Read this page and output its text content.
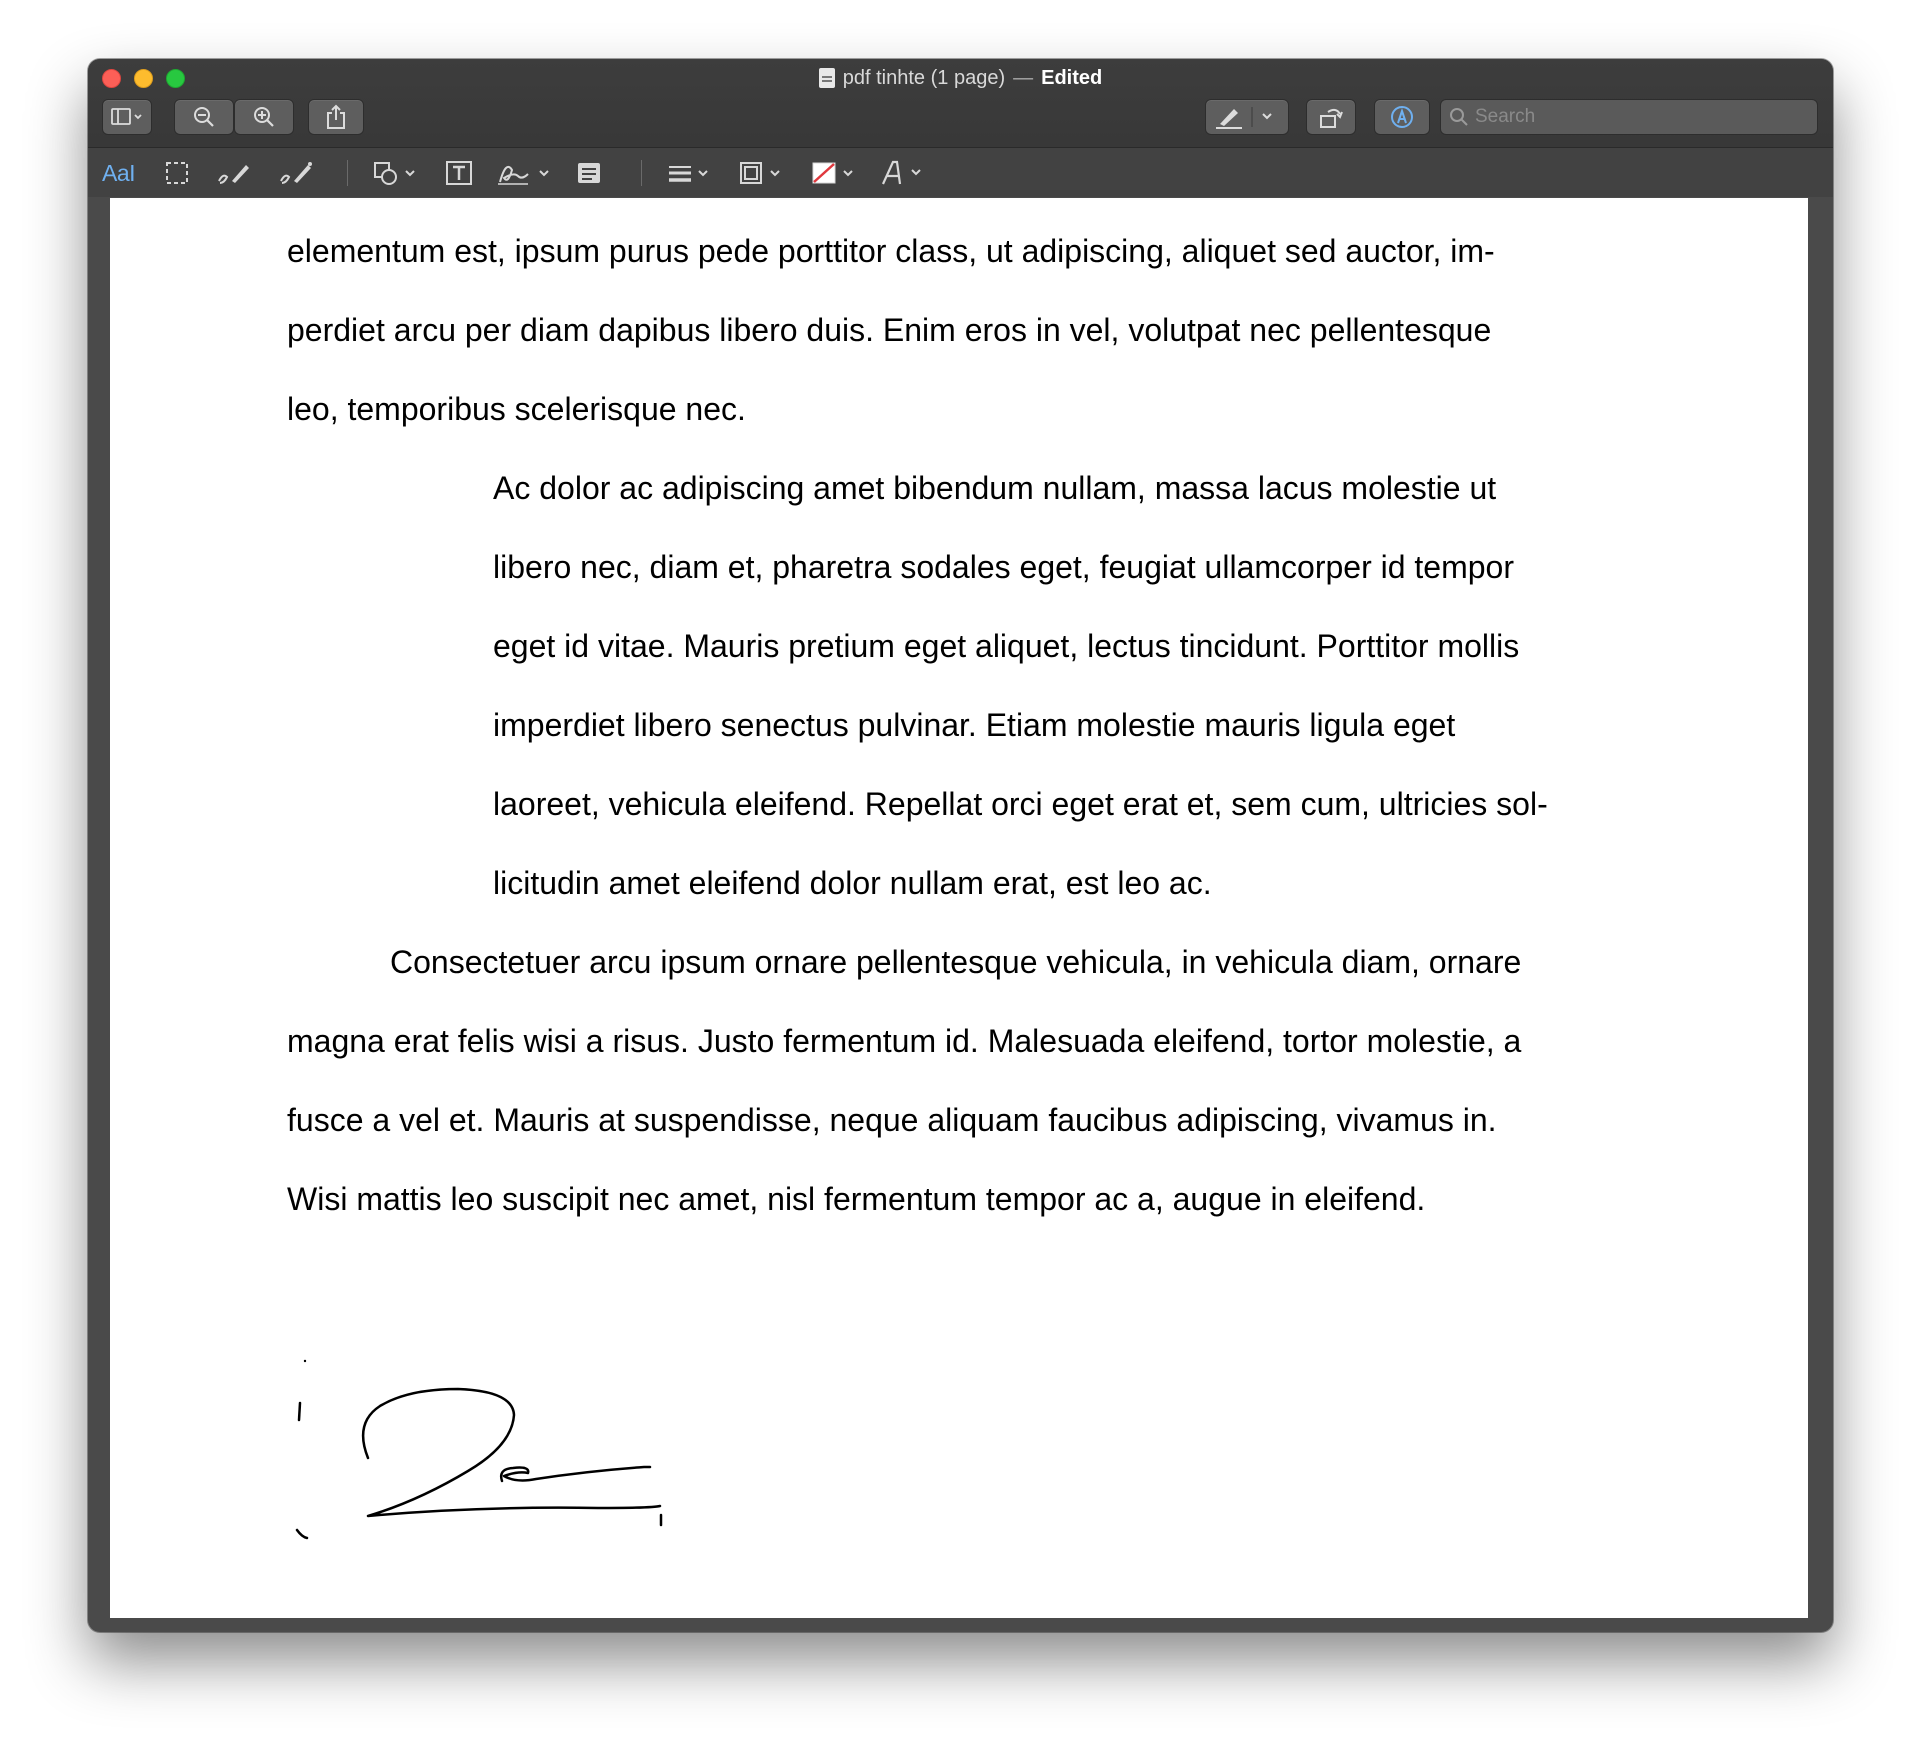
pdf tinhte (1 page) — Edited
Search
AaI
elementum est, ipsum purus pede porttitor class, ut adipiscing, aliquet sed auctor, im-
perdiet arcu per diam dapibus libero duis. Enim eros in vel, volutpat nec pellentesque
leo, temporibus scelerisque nec.
Ac dolor ac adipiscing amet bibendum nullam, massa lacus molestie ut
libero nec, diam et, pharetra sodales eget, feugiat ullamcorper id tempor
eget id vitae. Mauris pretium eget aliquet, lectus tincidunt. Porttitor mollis
imperdiet libero senectus pulvinar. Etiam molestie mauris ligula eget
laoreet, vehicula eleifend. Repellat orci eget erat et, sem cum, ultricies sol-
licitudin amet eleifend dolor nullam erat, est leo ac.
Consectetuer arcu ipsum ornare pellentesque vehicula, in vehicula diam, ornare
magna erat felis wisi a risus. Justo fermentum id. Malesuada eleifend, tortor molestie, a
fusce a vel et. Mauris at suspendisse, neque aliquam faucibus adipiscing, vivamus in.
Wisi mattis leo suscipit nec amet, nisl fermentum tempor ac a, augue in eleifend.
